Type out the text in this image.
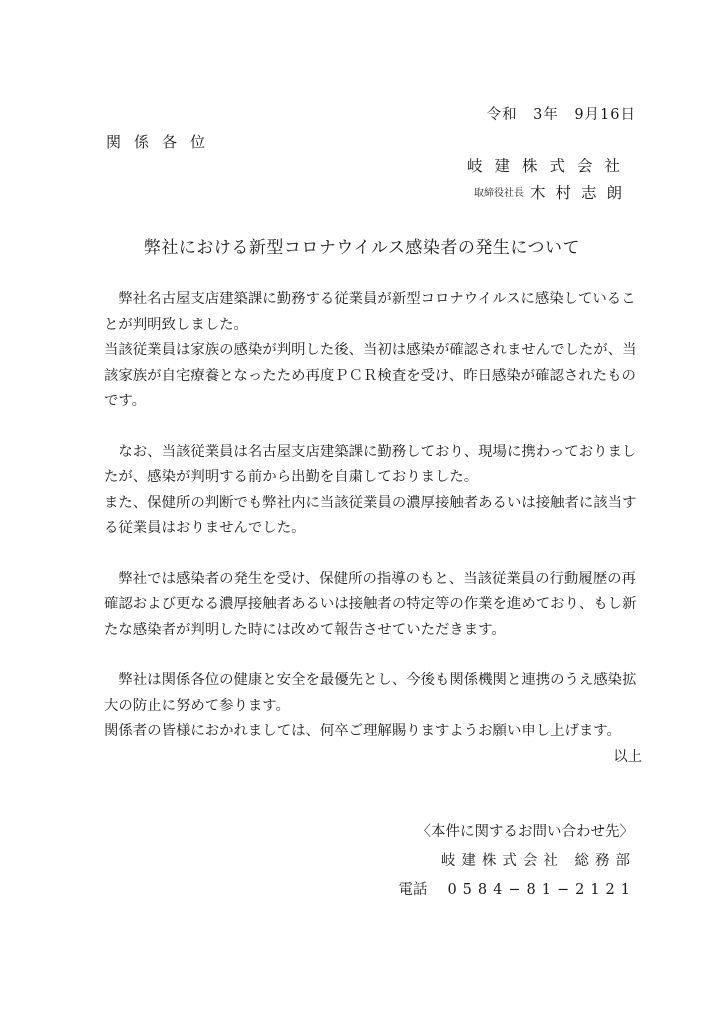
令和　3年　9月16日
関係各位
岐建株式会社
取締役社長 木村志朗
弊社における新型コロナウイルス感染者の発生について

弊社名古屋支店建築課に勤務する従業員が新型コロナウイルスに感染していることが判明致しました。

当該従業員は家族の感染が判明した後、当初は感染が確認されませんでしたが、当該家族が自宅療養となったため再度ＰＣＲ検査を受け、昨日感染が確認されたものです。

なお、当該従業員は名古屋支店建築課に勤務しており、現場に携わっておりましたが、感染が判明する前から出勤を自粛しておりました。

また、保健所の判断でも弊社内に当該従業員の濃厚接触者あるいは接触者に該当する従業員はおりませんでした。

弊社では感染者の発生を受け、保健所の指導のもと、当該従業員の行動履歴の再確認および更なる濃厚接触者あるいは接触者の特定等の作業を進めており、もし新たな感染者が判明した時には改めて報告させていただきます。

弊社は関係各位の健康と安全を最優先とし、今後も関係機関と連携のうえ感染拡大の防止に努めて参ります。

関係者の皆様におかれましては、何卒ご理解賜りますようお願い申し上げます。

以上

〈本件に関するお問い合わせ先〉
岐建株式会社 総務部
電話 0584−81−2121
